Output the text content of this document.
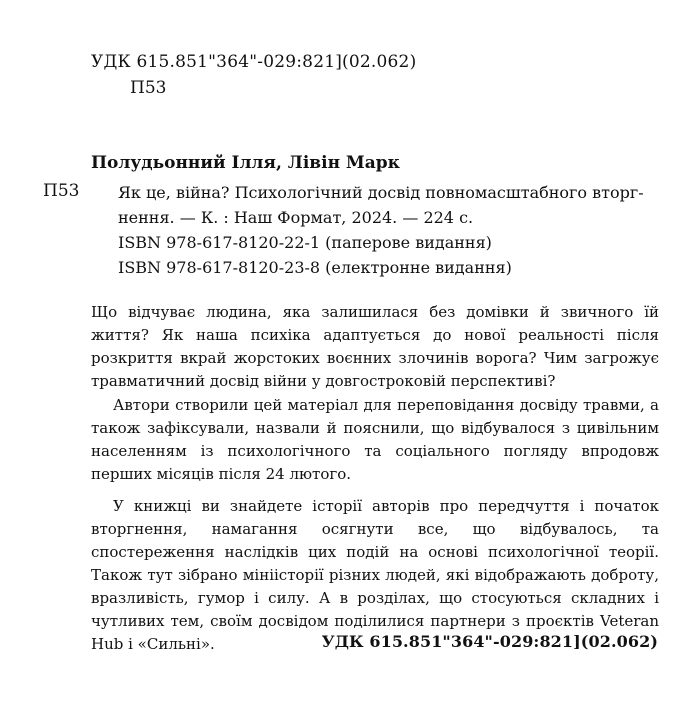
УДК 615.851"364"-029:821](02.062)
П53
Полудьонний Ілля, Лівін Марк
П53 Як це, війна? Психологічний досвід повномасштабного вторг-
нення. — К. : Наш Формат, 2024. — 224 с.
ISBN 978-617-8120-22-1 (паперове видання)
ISBN 978-617-8120-23-8 (електронне видання)

Що відчуває людина, яка залишилася без домівки й звичного їй життя? Як наша психіка адаптується до нової реальності після розкриття вкрай жорстоких воєнних злочинів ворога? Чим загрожує травматичний досвід війни у довгостроковій перспективі?

Автори створили цей матеріал для переповідання досвіду травми, а також зафіксували, назвали й пояснили, що відбувалося з цивільним населенням із психологічного та соціального погляду впродовж перших місяців після 24 лютого.

У книжці ви знайдете історії авторів про передчуття і початок вторгнення, намагання осягнути все, що відбувалось, та спостереження наслідків цих подій на основі психологічної теорії. Також тут зібрано мініісторії різних людей, які відображають доброту, вразливість, гумор і силу. А в розділах, що стосуються складних і чутливих тем, своїм досвідом поділилися партнери з проєктів Veteran Hub і «Сильні».	УДК 615.851"364"-029:821](02.062)
